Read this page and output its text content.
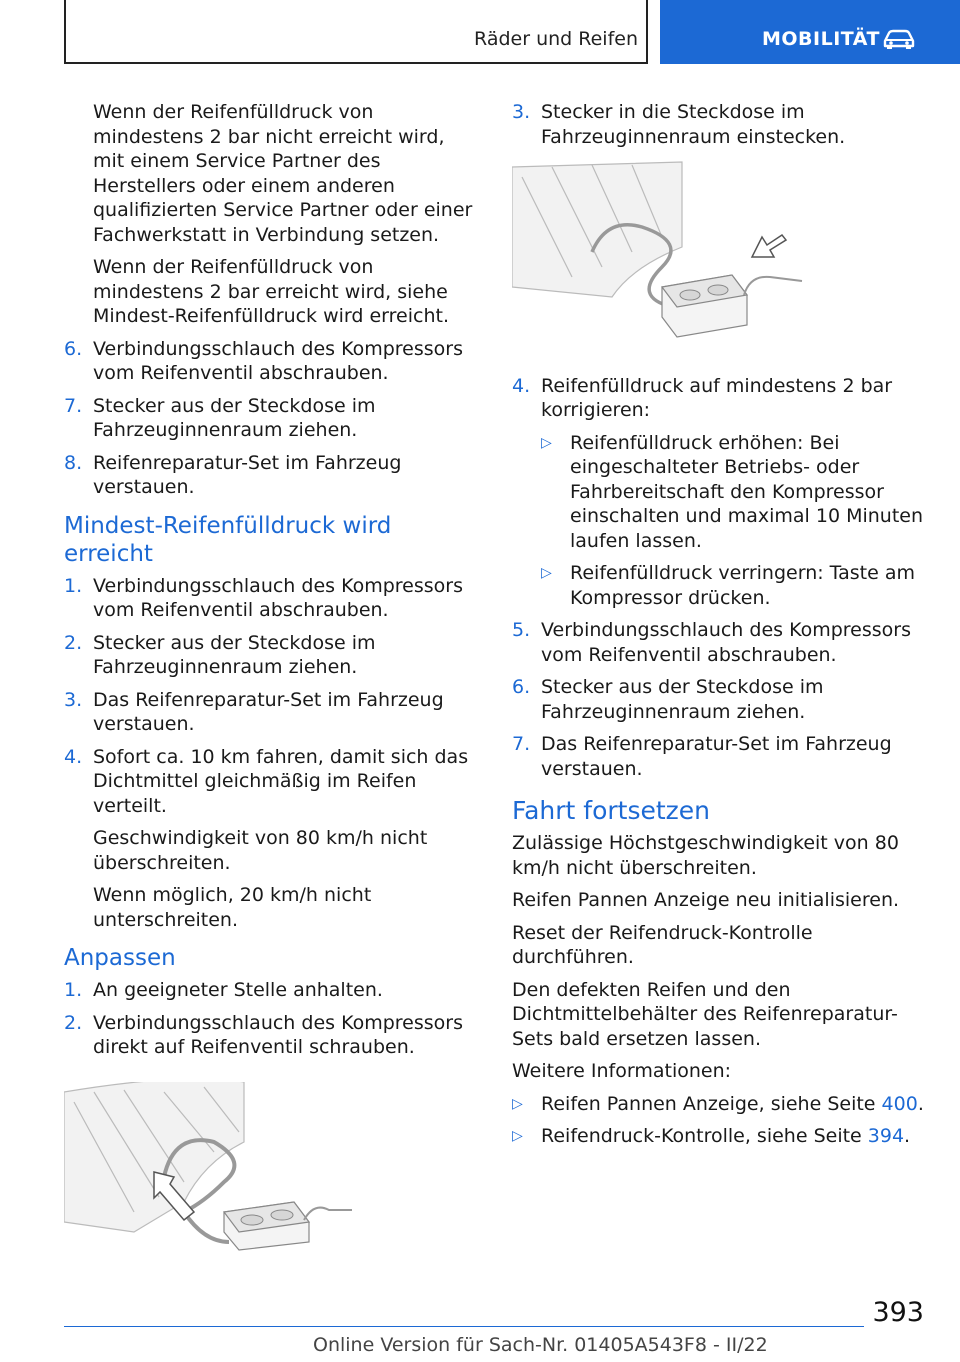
Räder und Reifen	MOBILITÄT

Wenn der Reifenfülldruck von mindestens 2 bar nicht erreicht wird, mit einem Service Partner des Herstellers oder einem anderen qualifizierten Service Partner oder einer Fachwerkstatt in Verbindung setzen.

Wenn der Reifenfülldruck von mindestens 2 bar erreicht wird, siehe Mindest-Reifenfülldruck wird erreicht.

6. Verbindungsschlauch des Kompressors vom Reifenventil abschrauben.
7. Stecker aus der Steckdose im Fahrzeuginnenraum ziehen.
8. Reifenreparatur-Set im Fahrzeug verstauen.
Mindest-Reifenfülldruck wird erreicht
1. Verbindungsschlauch des Kompressors vom Reifenventil abschrauben.
2. Stecker aus der Steckdose im Fahrzeuginnenraum ziehen.
3. Das Reifenreparatur-Set im Fahrzeug verstauen.
4. Sofort ca. 10 km fahren, damit sich das Dichtmittel gleichmäßig im Reifen verteilt.

Geschwindigkeit von 80 km/h nicht überschreiten.

Wenn möglich, 20 km/h nicht unterschreiten.

Anpassen
1. An geeigneter Stelle anhalten.
2. Verbindungsschlauch des Kompressors direkt auf Reifenventil schrauben.
3. Stecker in die Steckdose im Fahrzeuginnenraum einstecken.
4. Reifenfülldruck auf mindestens 2 bar korrigieren:
▷ Reifenfülldruck erhöhen: Bei eingeschalteter Betriebs- oder Fahrbereitschaft den Kompressor einschalten und maximal 10 Minuten laufen lassen.
▷ Reifenfülldruck verringern: Taste am Kompressor drücken.
5. Verbindungsschlauch des Kompressors vom Reifenventil abschrauben.
6. Stecker aus der Steckdose im Fahrzeuginnenraum ziehen.
7. Das Reifenreparatur-Set im Fahrzeug verstauen.
Fahrt fortsetzen

Zulässige Höchstgeschwindigkeit von 80 km/h nicht überschreiten.

Reifen Pannen Anzeige neu initialisieren.

Reset der Reifendruck-Kontrolle durchführen.

Den defekten Reifen und den Dichtmittelbehälter des Reifenreparatur-Sets bald ersetzen lassen.

Weitere Informationen:

▷ Reifen Pannen Anzeige, siehe Seite 400.
▷ Reifendruck-Kontrolle, siehe Seite 394.
393
Online Version für Sach-Nr. 01405A543F8 - II/22
